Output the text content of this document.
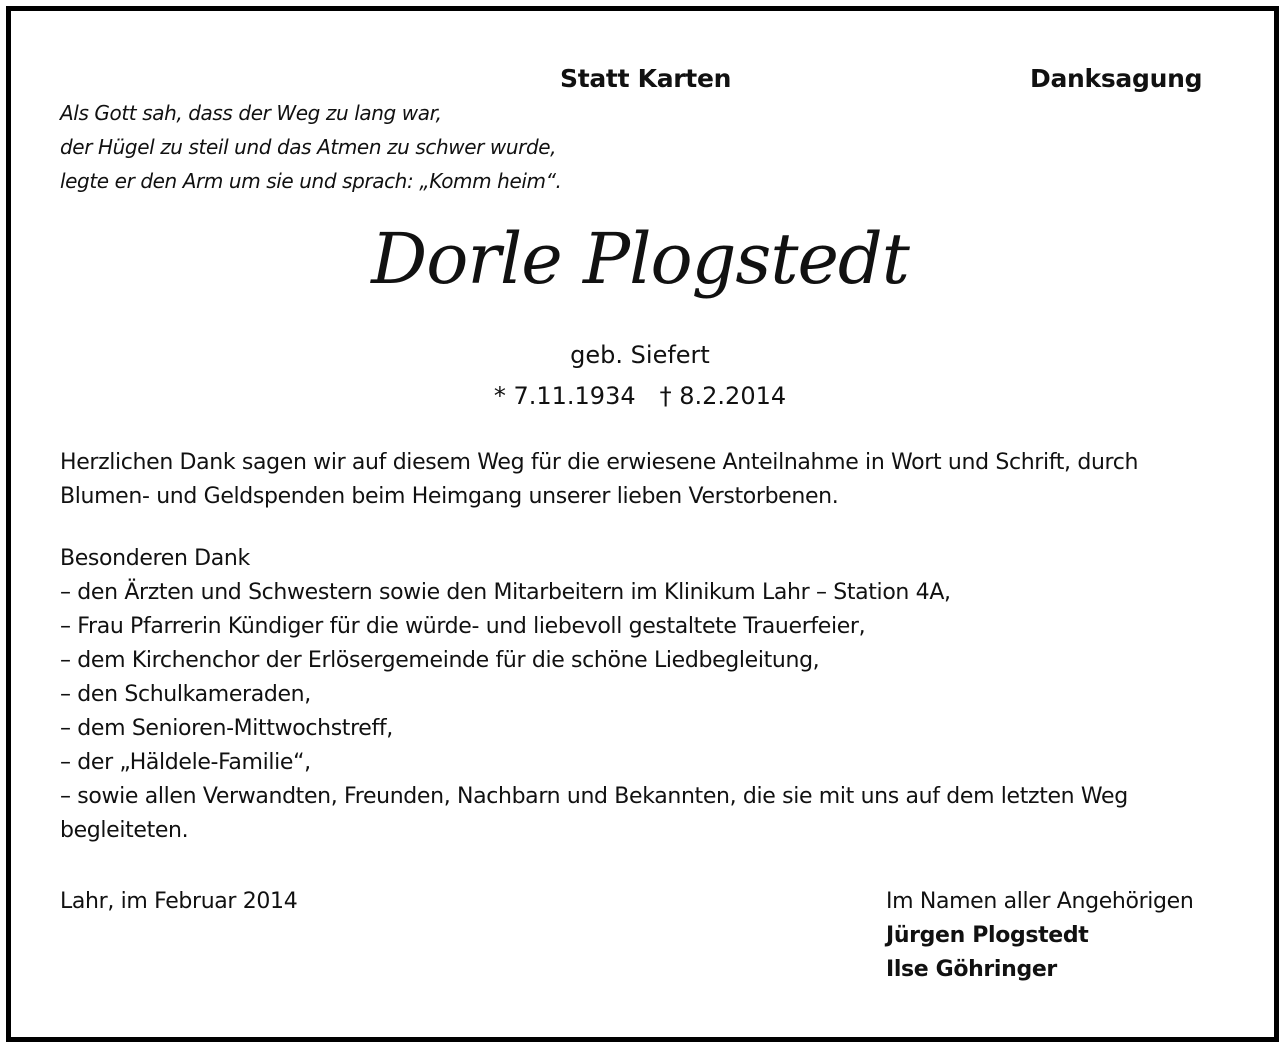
Statt Karten	Danksagung
Als Gott sah, dass der Weg zu lang war,
der Hügel zu steil und das Atmen zu schwer wurde,
legte er den Arm um sie und sprach: „Komm heim“.
Dorle Plogstedt
geb. Siefert
* 7.11.1934 † 8.2.2014
Herzlichen Dank sagen wir auf diesem Weg für die erwiesene Anteilnahme in Wort und Schrift, durch
Blumen- und Geldspenden beim Heimgang unserer lieben Verstorbenen.
Besonderen Dank
– den Ärzten und Schwestern sowie den Mitarbeitern im Klinikum Lahr – Station 4A,
– Frau Pfarrerin Kündiger für die würde- und liebevoll gestaltete Trauerfeier,
– dem Kirchenchor der Erlösergemeinde für die schöne Liedbegleitung,
– den Schulkameraden,
– dem Senioren-Mittwochstreff,
– der „Häldele-Familie“,
– sowie allen Verwandten, Freunden, Nachbarn und Bekannten, die sie mit uns auf dem letzten Weg
begleiteten.
Lahr, im Februar 2014	Im Namen aller Angehörigen
Jürgen Plogstedt
Ilse Göhringer
